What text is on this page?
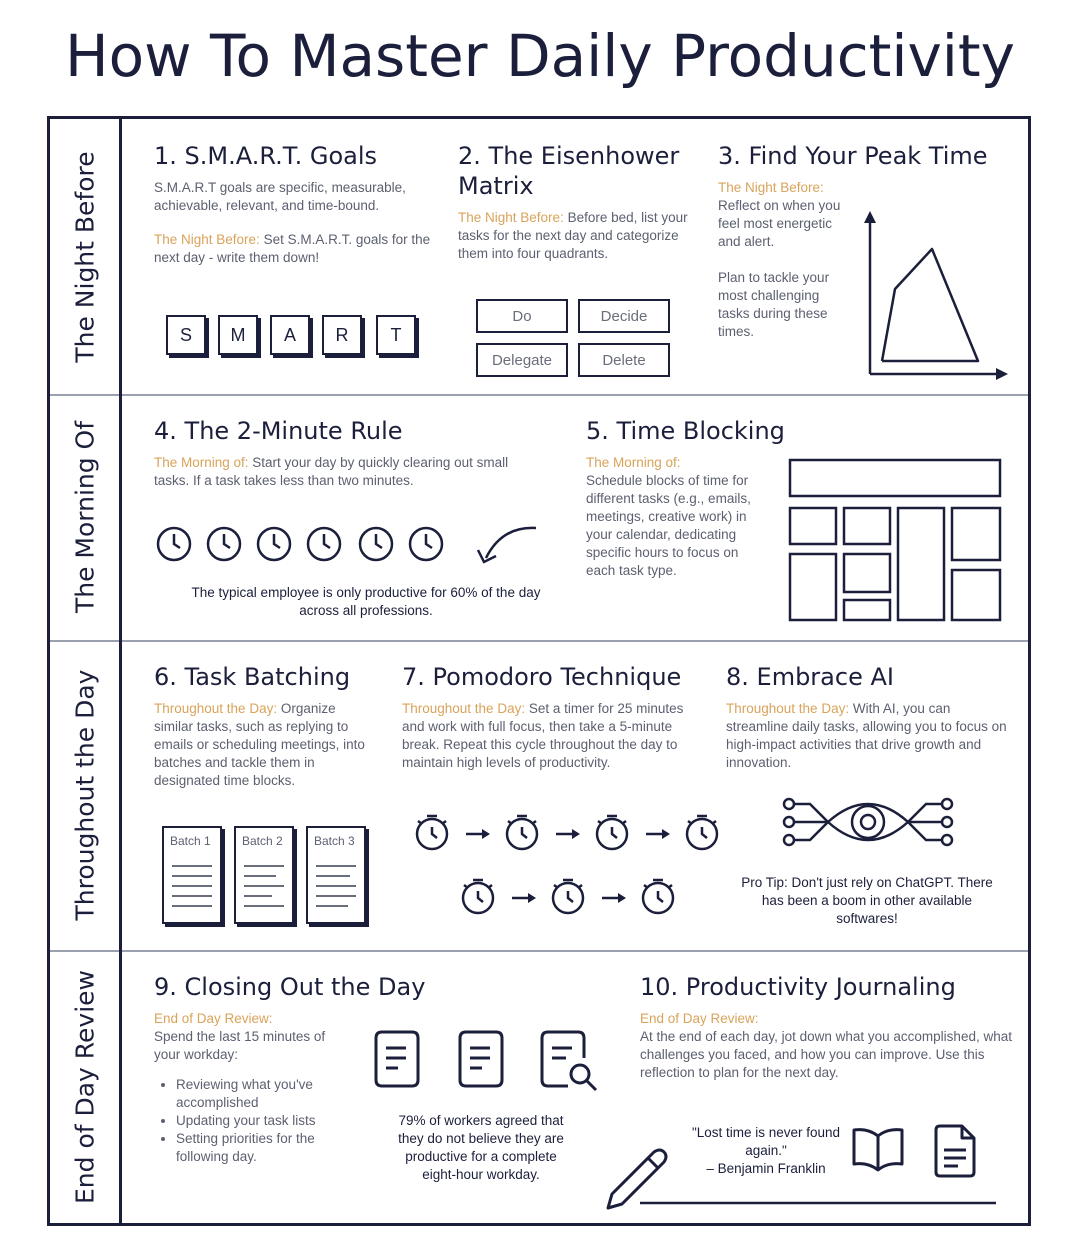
How To Master Daily Productivity
The Night Before 1. S.M.A.R.T. Goals
S.M.A.R.T goals are specific, measurable, achievable, relevant, and time-bound.
The Night Before: Set S.M.A.R.T. goals for the next day - write them down!
S	M	A	R	T
2. The Eisenhower Matrix
The Night Before: Before bed, list your tasks for the next day and categorize them into four quadrants.
Do	Decide
Delegate	Delete
3. Find Your Peak Time
The Night Before:
Reflect on when you feel most energetic and alert.
Plan to tackle your most challenging tasks during these times.
The Morning Of 4. The 2-Minute Rule
The Morning of: Start your day by quickly clearing out small tasks. If a task takes less than two minutes.
The typical employee is only productive for 60% of the day across all professions.
5. Time Blocking
The Morning of:
Schedule blocks of time for different tasks (e.g., emails, meetings, creative work) in your calendar, dedicating specific hours to focus on each task type.
Throughout the Day 6. Task Batching
Throughout the Day: Organize similar tasks, such as replying to emails or scheduling meetings, into batches and tackle them in designated time blocks.
Batch 1	Batch 2	Batch 3
7. Pomodoro Technique
Throughout the Day: Set a timer for 25 minutes and work with full focus, then take a 5-minute break. Repeat this cycle throughout the day to maintain high levels of productivity.
8. Embrace AI
Throughout the Day: With AI, you can streamline daily tasks, allowing you to focus on high-impact activities that drive growth and innovation.
Pro Tip: Don't just rely on ChatGPT. There has been a boom in other available softwares!
End of Day Review 9. Closing Out the Day
End of Day Review:
Spend the last 15 minutes of your workday:
• Reviewing what you've accomplished
• Updating your task lists
• Setting priorities for the following day.
79% of workers agreed that they do not believe they are productive for a complete eight-hour workday.
10. Productivity Journaling
End of Day Review:
At the end of each day, jot down what you accomplished, what challenges you faced, and how you can improve. Use this reflection to plan for the next day.
"Lost time is never found again."
– Benjamin Franklin
